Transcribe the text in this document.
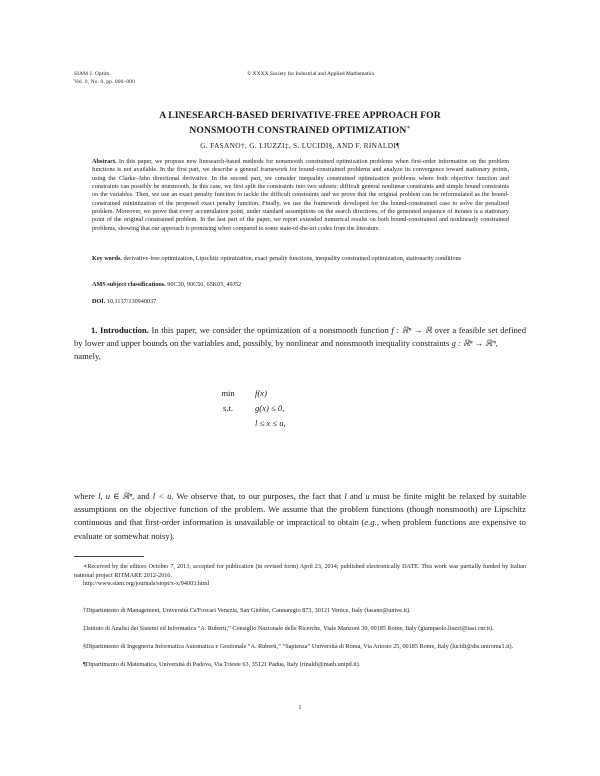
SIAM J. Optim.
Vol. 0, No. 0, pp. 000–000
© XXXX Society for Industrial and Applied Mathematics
A LINESEARCH-BASED DERIVATIVE-FREE APPROACH FOR
NONSMOOTH CONSTRAINED OPTIMIZATION∗
G. FASANO†, G. LIUZZI‡, S. LUCIDI§, AND F. RINALDI¶
Abstract. In this paper, we propose new linesearch-based methods for nonsmooth constrained optimization problems when first-order information on the problem functions is not available. In the first part, we describe a general framework for bound-constrained problems and analyze its convergence toward stationary points, using the Clarke–Jahn directional derivative. In the second part, we consider inequality constrained optimization problems where both objective function and constraints can possibly be nonsmooth. In this case, we first split the constraints into two subsets: difficult general nonlinear constraints and simple bound constraints on the variables. Then, we use an exact penalty function to tackle the difficult constraints and we prove that the original problem can be reformulated as the bound-constrained minimization of the proposed exact penalty function. Finally, we use the framework developed for the bound-constrained case to solve the penalized problem. Moreover, we prove that every accumulation point, under standard assumptions on the search directions, of the generated sequence of iterates is a stationary point of the original constrained problem. In the last part of the paper, we report extended numerical results on both bound-constrained and nonlinearly constrained problems, showing that our approach is promising when compared to some state-of-the-art codes from the literature.
Key words. derivative-free optimization, Lipschitz optimization, exact penalty functions, inequality constrained optimization, stationarity conditions
AMS subject classifications. 90C30, 90C56, 65K05, 49J52
DOI. 10.1137/130940037
1. Introduction. In this paper, we consider the optimization of a nonsmooth function f : ℝⁿ → ℝ over a feasible set defined by lower and upper bounds on the variables and, possibly, by nonlinear and nonsmooth inequality constraints g : ℝⁿ → ℝᵐ,
namely,
min	f(x)
s.t.	g(x) ≤ 0,
	l ≤ x ≤ u,
where l, u ∈ ℝⁿ, and l < u. We observe that, to our purposes, the fact that l and u must be finite might be relaxed by suitable assumptions on the objective function of the problem. We assume that the problem functions (though nonsmooth) are Lipschitz continuous and that first-order information is unavailable or impractical to obtain (e.g., when problem functions are expensive to evaluate or somewhat noisy).
∗Received by the editors October 7, 2013; accepted for publication (in revised form) April 23, 2014; published electronically DATE. This work was partially funded by Italian national project RITMARE 2012-2016.
http://www.siam.org/journals/siopt/x-x/94003.html
†Dipartimento di Management, Università Ca'Foscari Venezia, San Giobbe, Cannaregio 873, 30121 Venice, Italy (fasano@unive.it).
‡Istituto di Analisi dei Sistemi ed Informatica “A. Ruberti,” Consiglio Nazionale delle Ricerche, Viale Manzoni 30, 00185 Rome, Italy (giampaolo.liuzzi@iasi.cnr.it).
§Dipartimento di Ingegneria Informatica Automatica e Gestionale “A. Ruberti,” “Sapienza” Università di Roma, Via Ariosto 25, 00185 Rome, Italy (lucidi@dis.uniroma1.it).
¶Dipartimento di Matematica, Università di Padova, Via Trieste 63, 35121 Padua, Italy (rinaldi@math.unipd.it).
1
